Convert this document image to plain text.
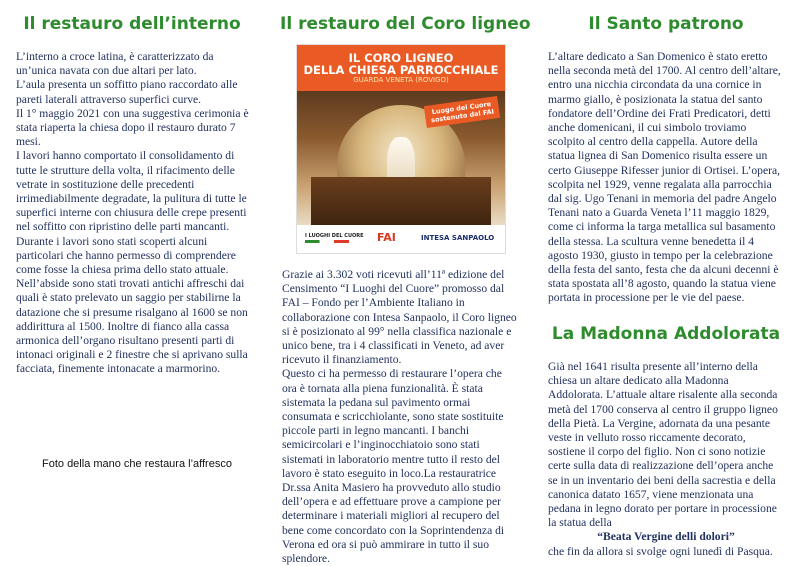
Il restauro dell’interno

L’interno a croce latina, è caratterizzato da un’unica navata con due altari per lato.

L’aula presenta un soffitto piano raccordato alle pareti laterali attraverso superfici curve.

Il 1° maggio 2021 con una suggestiva cerimonia è stata riaperta la chiesa dopo il restauro durato 7 mesi.

I lavori hanno comportato il consolidamento di tutte le strutture della volta, il rifacimento delle vetrate in sostituzione delle precedenti irrimediabilmente degradate, la pulitura di tutte le superfici interne con chiusura delle crepe presenti nel soffitto con ripristino delle parti mancanti.

Durante i lavori sono stati scoperti alcuni particolari che hanno permesso di comprendere come fosse la chiesa prima dello stato attuale. Nell’abside sono stati trovati antichi affreschi dai quali è stato prelevato un saggio per stabilirne la datazione che si presume risalgano al 1600 se non addirittura al 1500. Inoltre di fianco alla cassa armonica dell’organo risultano presenti parti di intonaci originali e 2 finestre che si aprivano sulla facciata, finemente intonacate a marmorino.

Foto della mano che restaura l’affresco
Il restauro del Coro ligneo
IL CORO LIGNEO
DELLA CHIESA PARROCCHIALE
GUARDA VENETA (ROVIGO)
Luogo del Cuore sostenuto dal FAI
I LUOGHI DEL CUORE FAI	INTESA SANPAOLO

Grazie ai 3.302 voti ricevuti all’11ª edizione del Censimento “I Luoghi del Cuore” promosso dal FAI – Fondo per l’Ambiente Italiano in collaborazione con Intesa Sanpaolo, il Coro ligneo si è posizionato al 99° nella classifica nazionale e unico bene, tra i 4 classificati in Veneto, ad aver ricevuto il finanziamento.

Questo ci ha permesso di restaurare l’opera che ora è tornata alla piena funzionalità. È stata sistemata la pedana sul pavimento ormai consumata e scricchiolante, sono state sostituite piccole parti in legno mancanti. I banchi semicircolari e l’inginocchiatoio sono stati sistemati in laboratorio mentre tutto il resto del lavoro è stato eseguito in loco.La restauratrice Dr.ssa Anita Masiero ha provveduto allo studio dell’opera e ad effettuare prove a campione per determinare i materiali migliori al recupero del bene come concordato con la Soprintendenza di Verona ed ora si può ammirare in tutto il suo splendore.

Il Santo patrono

L’altare dedicato a San Domenico è stato eretto nella seconda metà del 1700. Al centro dell’altare, entro una nicchia circondata da una cornice in marmo giallo, è posizionata la statua del santo fondatore dell’Ordine dei Frati Predicatori, detti anche domenicani, il cui simbolo troviamo scolpito al centro della cappella. Autore della statua lignea di San Domenico risulta essere un certo Giuseppe Rifesser junior di Ortisei. L’opera, scolpita nel 1929, venne regalata alla parrocchia dal sig. Ugo Tenani in memoria del padre Angelo Tenani nato a Guarda Veneta l’11 maggio 1829, come ci informa la targa metallica sul basamento della stessa. La scultura venne benedetta il 4 agosto 1930, giusto in tempo per la celebrazione della festa del santo, festa che da alcuni decenni è stata spostata all’8 agosto, quando la statua viene portata in processione per le vie del paese.

La Madonna Addolorata

Già nel 1641 risulta presente all’interno della chiesa un altare dedicato alla Madonna Addolorata. L’attuale altare risalente alla seconda metà del 1700 conserva al centro il gruppo ligneo della Pietà. La Vergine, adornata da una pesante veste in velluto rosso riccamente decorato, sostiene il corpo del figlio. Non ci sono notizie certe sulla data di realizzazione dell’opera anche se in un inventario dei beni della sacrestia e della canonica datato 1657, viene menzionata una pedana in legno dorato per portare in processione la statua della

“Beata Vergine delli dolori”

che fin da allora si svolge ogni lunedì di Pasqua.
